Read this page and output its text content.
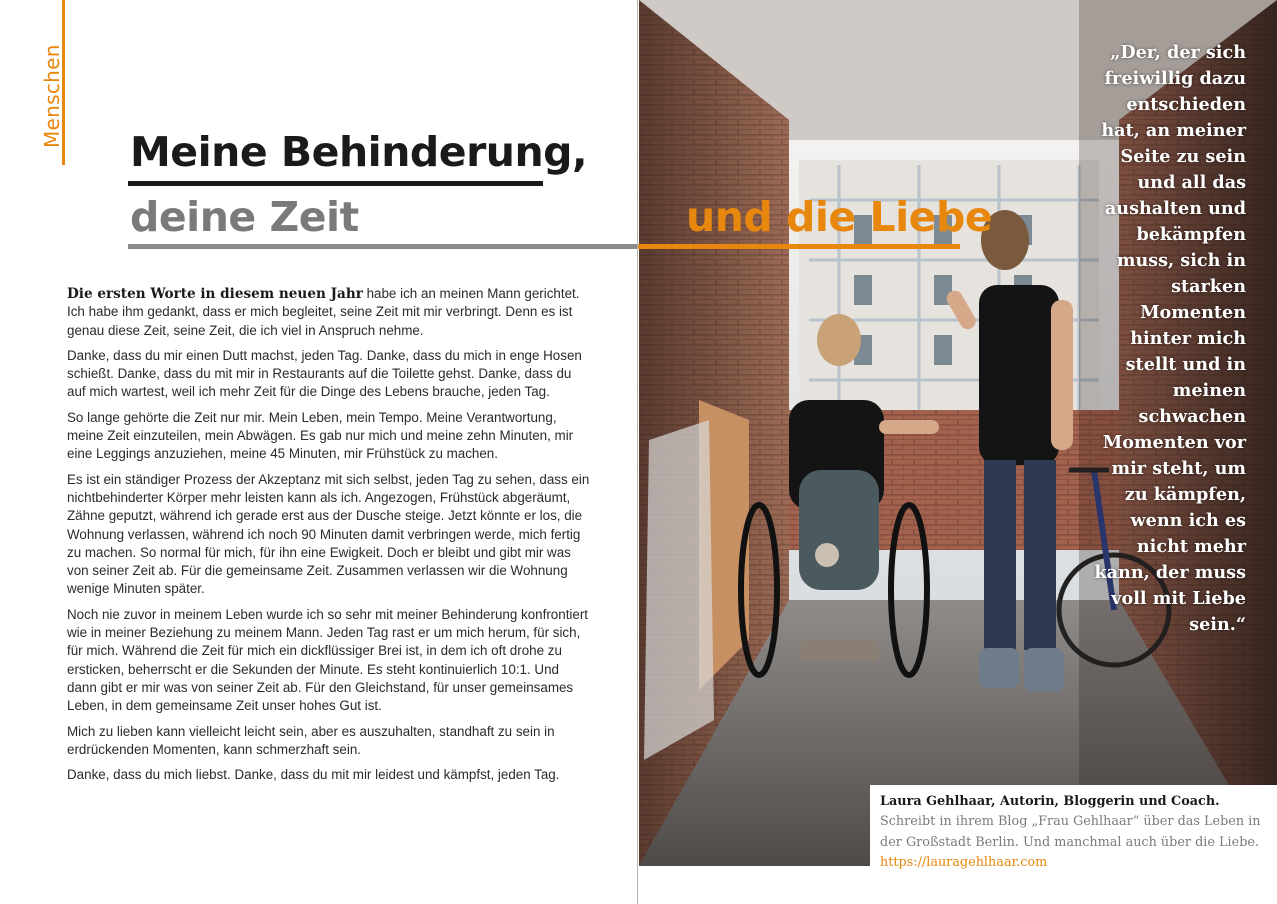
Menschen
Meine Behinderung,
deine Zeit

Die ersten Worte in diesem neuen Jahr habe ich an meinen Mann gerichtet. Ich habe ihm gedankt, dass er mich begleitet, seine Zeit mit mir verbringt. Denn es ist genau diese Zeit, seine Zeit, die ich viel in Anspruch nehme.

Danke, dass du mir einen Dutt machst, jeden Tag. Danke, dass du mich in enge Hosen schießt. Danke, dass du mit mir in Restaurants auf die Toilette gehst. Danke, dass du auf mich wartest, weil ich mehr Zeit für die Dinge des Lebens brauche, jeden Tag.

So lange gehörte die Zeit nur mir. Mein Leben, mein Tempo. Meine Verantwortung, meine Zeit einzuteilen, mein Abwägen. Es gab nur mich und meine zehn Minuten, mir eine Leggings anzuziehen, meine 45 Minuten, mir Frühstück zu machen.

Es ist ein ständiger Prozess der Akzeptanz mit sich selbst, jeden Tag zu sehen, dass ein nichtbehinderter Körper mehr leisten kann als ich. Angezogen, Frühstück abgeräumt, Zähne geputzt, während ich gerade erst aus der Dusche steige. Jetzt könnte er los, die Wohnung verlassen, während ich noch 90 Minuten damit verbringen werde, mich fertig zu machen. So normal für mich, für ihn eine Ewigkeit. Doch er bleibt und gibt mir was von seiner Zeit ab. Für die gemeinsame Zeit. Zusammen verlassen wir die Wohnung wenige Minuten später.

Noch nie zuvor in meinem Leben wurde ich so sehr mit meiner Behinderung konfrontiert wie in meiner Beziehung zu meinem Mann. Jeden Tag rast er um mich herum, für sich, für mich. Während die Zeit für mich ein dickflüssiger Brei ist, in dem ich oft drohe zu ersticken, beherrscht er die Sekunden der Minute. Es steht kontinuierlich 10:1. Und dann gibt er mir was von seiner Zeit ab. Für den Gleichstand, für unser gemeinsames Leben, in dem gemeinsame Zeit unser hohes Gut ist.

Mich zu lieben kann vielleicht leicht sein, aber es auszuhalten, standhaft zu sein in erdrückenden Momenten, kann schmerzhaft sein.

Danke, dass du mich liebst. Danke, dass du mit mir leidest und kämpfst, jeden Tag.

und die Liebe
„Der, der sich freiwillig dazu entschieden hat, an meiner Seite zu sein und all das aushalten und bekämpfen muss, sich in starken Momenten hinter mich stellt und in meinen schwachen Momenten vor mir steht, um zu kämpfen, wenn ich es nicht mehr kann, der muss voll mit Liebe sein.“
Laura Gehlhaar, Autorin, Bloggerin und Coach.
Schreibt in ihrem Blog „Frau Gehlhaar“ über das Leben in der Großstadt Berlin. Und manchmal auch über die Liebe. https://lauragehlhaar.com
